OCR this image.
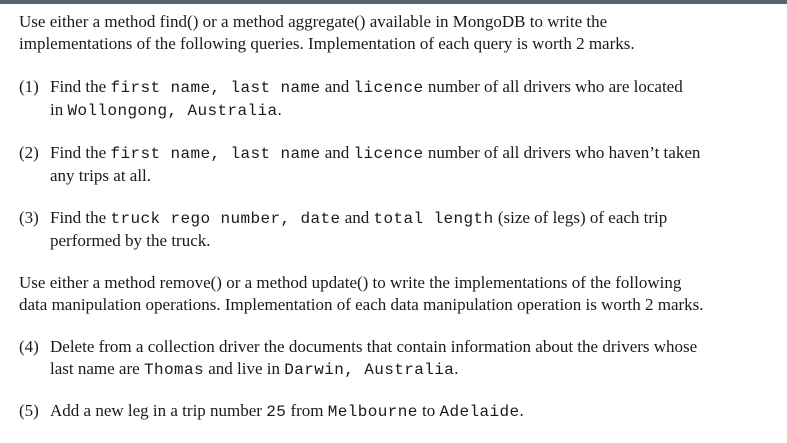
Use either a method find() or a method aggregate() available in MongoDB to write the
implementations of the following queries. Implementation of each query is worth 2 marks.
(1) Find the first name, last name and licence number of all drivers who are located
in Wollongong, Australia.
(2) Find the first name, last name and licence number of all drivers who haven’t taken
any trips at all.
(3) Find the truck rego number, date and total length (size of legs) of each trip
performed by the truck.
Use either a method remove() or a method update() to write the implementations of the following
data manipulation operations. Implementation of each data manipulation operation is worth 2 marks.
(4) Delete from a collection driver the documents that contain information about the drivers whose
last name are Thomas and live in Darwin, Australia.
(5) Add a new leg in a trip number 25 from Melbourne to Adelaide.
